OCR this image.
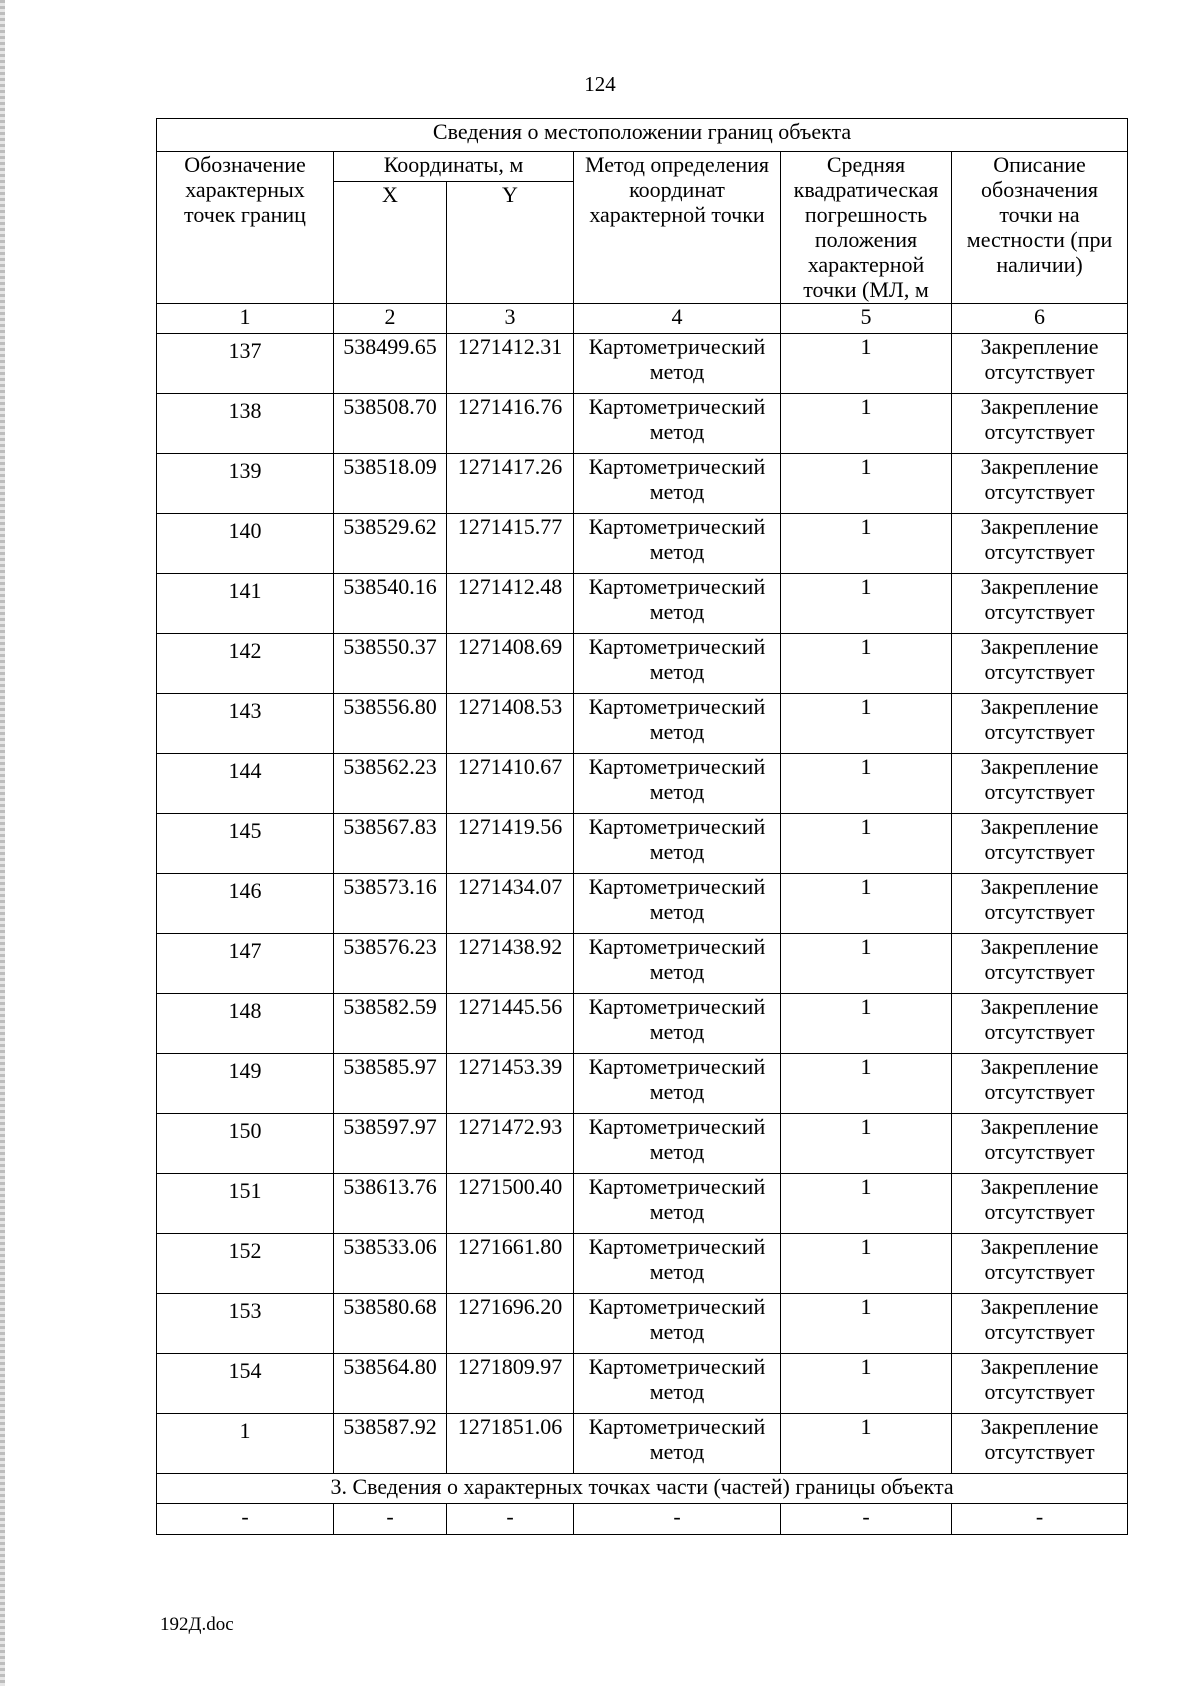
124
Сведения о местоположении границ объекта					
Обозначение характерных точек границ	Координаты, м		Метод определения координат характерной точки	Средняя квадратическая погрешность положения характерной точки (МЛ, м	Описание обозначения точки на местности (при наличии)
	X	Y			
1	2	3	4	5	6
137	538499.65	1271412.31	Картометрический метод	1	Закрепление отсутствует
138	538508.70	1271416.76	Картометрический метод	1	Закрепление отсутствует
139	538518.09	1271417.26	Картометрический метод	1	Закрепление отсутствует
140	538529.62	1271415.77	Картометрический метод	1	Закрепление отсутствует
141	538540.16	1271412.48	Картометрический метод	1	Закрепление отсутствует
142	538550.37	1271408.69	Картометрический метод	1	Закрепление отсутствует
143	538556.80	1271408.53	Картометрический метод	1	Закрепление отсутствует
144	538562.23	1271410.67	Картометрический метод	1	Закрепление отсутствует
145	538567.83	1271419.56	Картометрический метод	1	Закрепление отсутствует
146	538573.16	1271434.07	Картометрический метод	1	Закрепление отсутствует
147	538576.23	1271438.92	Картометрический метод	1	Закрепление отсутствует
148	538582.59	1271445.56	Картометрический метод	1	Закрепление отсутствует
149	538585.97	1271453.39	Картометрический метод	1	Закрепление отсутствует
150	538597.97	1271472.93	Картометрический метод	1	Закрепление отсутствует
151	538613.76	1271500.40	Картометрический метод	1	Закрепление отсутствует
152	538533.06	1271661.80	Картометрический метод	1	Закрепление отсутствует
153	538580.68	1271696.20	Картометрический метод	1	Закрепление отсутствует
154	538564.80	1271809.97	Картометрический метод	1	Закрепление отсутствует
1	538587.92	1271851.06	Картометрический метод	1	Закрепление отсутствует
3. Сведения о характерных точках части (частей) границы объекта					
-	-	-	-	-	-
192Д.doc
